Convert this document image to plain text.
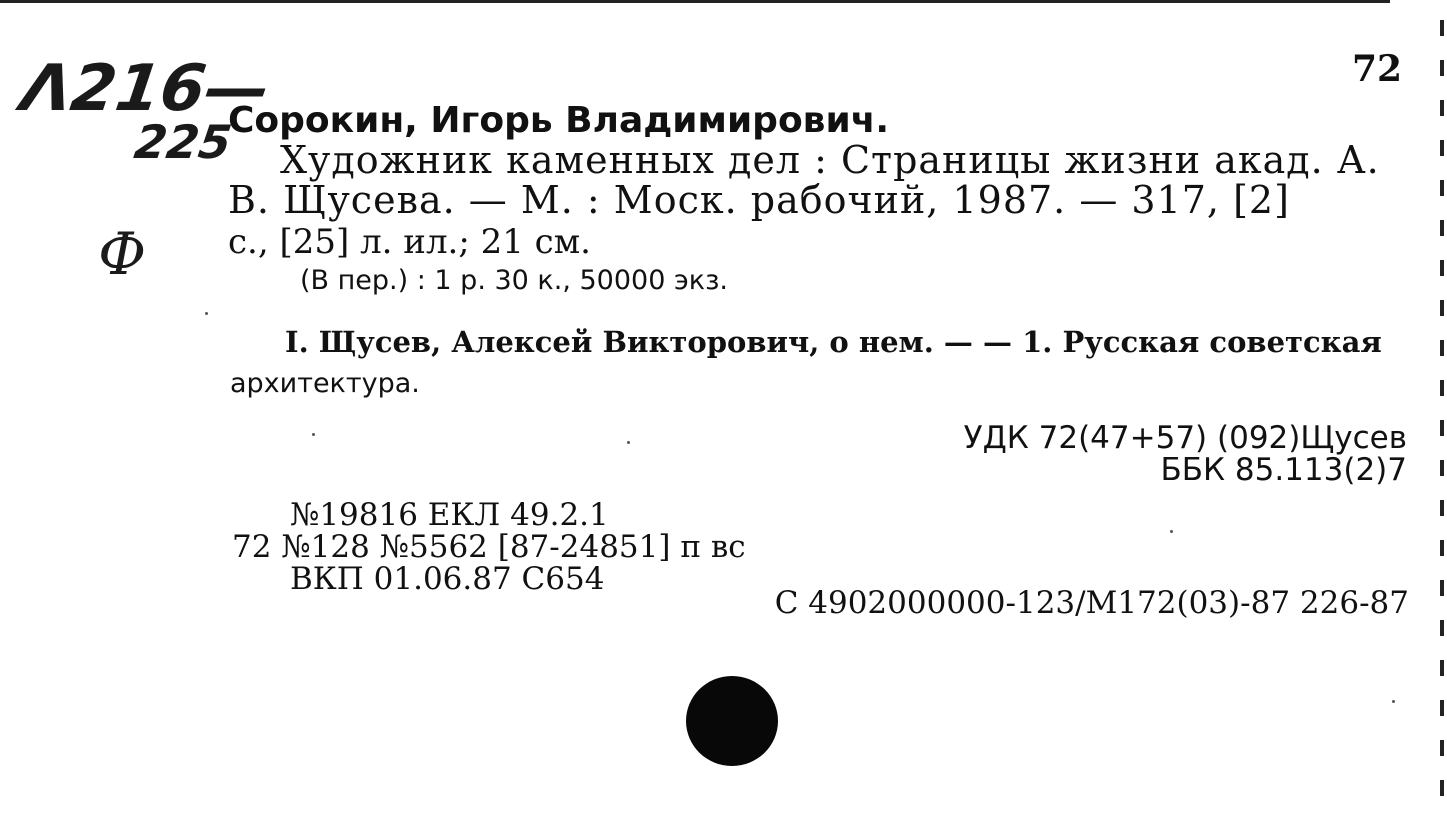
Λ216—
225
Ф
72
Сорокин, Игорь Владимирович.
Художник каменных дел : Страницы жизни акад. А.
В. Щусева. — М. : Моск. рабочий, 1987. — 317, [2]
с., [25] л. ил.; 21 см.
(В пер.) : 1 р. 30 к., 50000 экз.
I. Щусев, Алексей Викторович, о нем. — — 1. Русская советская
архитектура.
УДК 72(47+57) (092)Щусев
ББК 85.113(2)7
№19816 ЕКЛ 49.2.1
72 №128 №5562 [87-24851] п вс
ВКП 01.06.87 С654
С 4902000000-123/М172(03)-87 226-87
